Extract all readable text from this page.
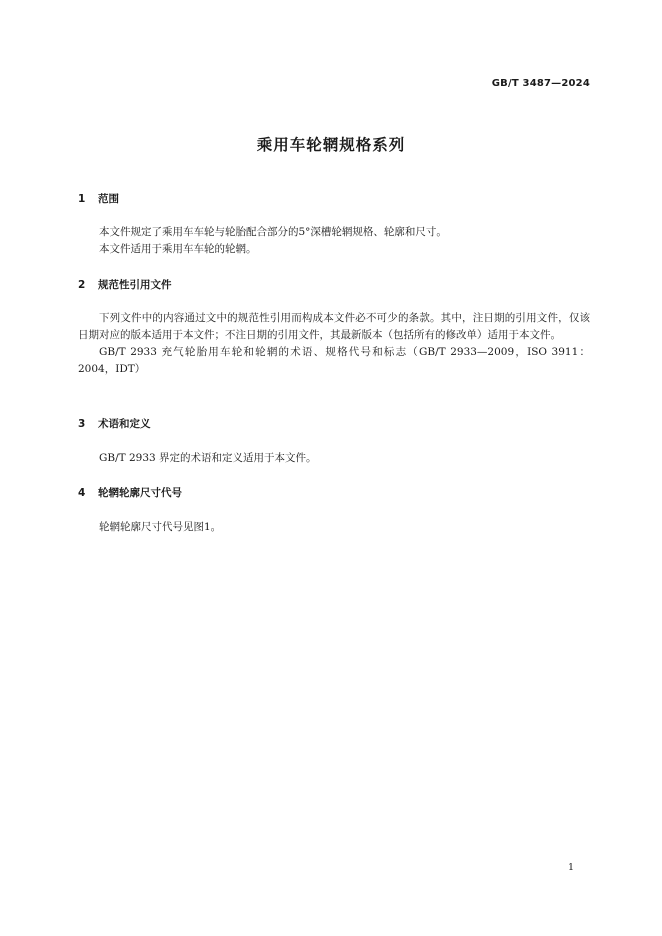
GB/T 3487—2024
乘用车轮辋规格系列
1 范围

本文件规定了乘用车车轮与轮胎配合部分的5°深槽轮辋规格、轮廓和尺寸。

本文件适用于乘用车车轮的轮辋。

2 规范性引用文件

下列文件中的内容通过文中的规范性引用而构成本文件必不可少的条款。其中，注日期的引用文件，仅该日期对应的版本适用于本文件；不注日期的引用文件，其最新版本（包括所有的修改单）适用于本文件。

GB/T 2933 充气轮胎用车轮和轮辋的术语、规格代号和标志（GB/T 2933—2009，ISO 3911：2004，IDT）

3 术语和定义

GB/T 2933 界定的术语和定义适用于本文件。

4 轮辋轮廓尺寸代号

轮辋轮廓尺寸代号见图1。

1
